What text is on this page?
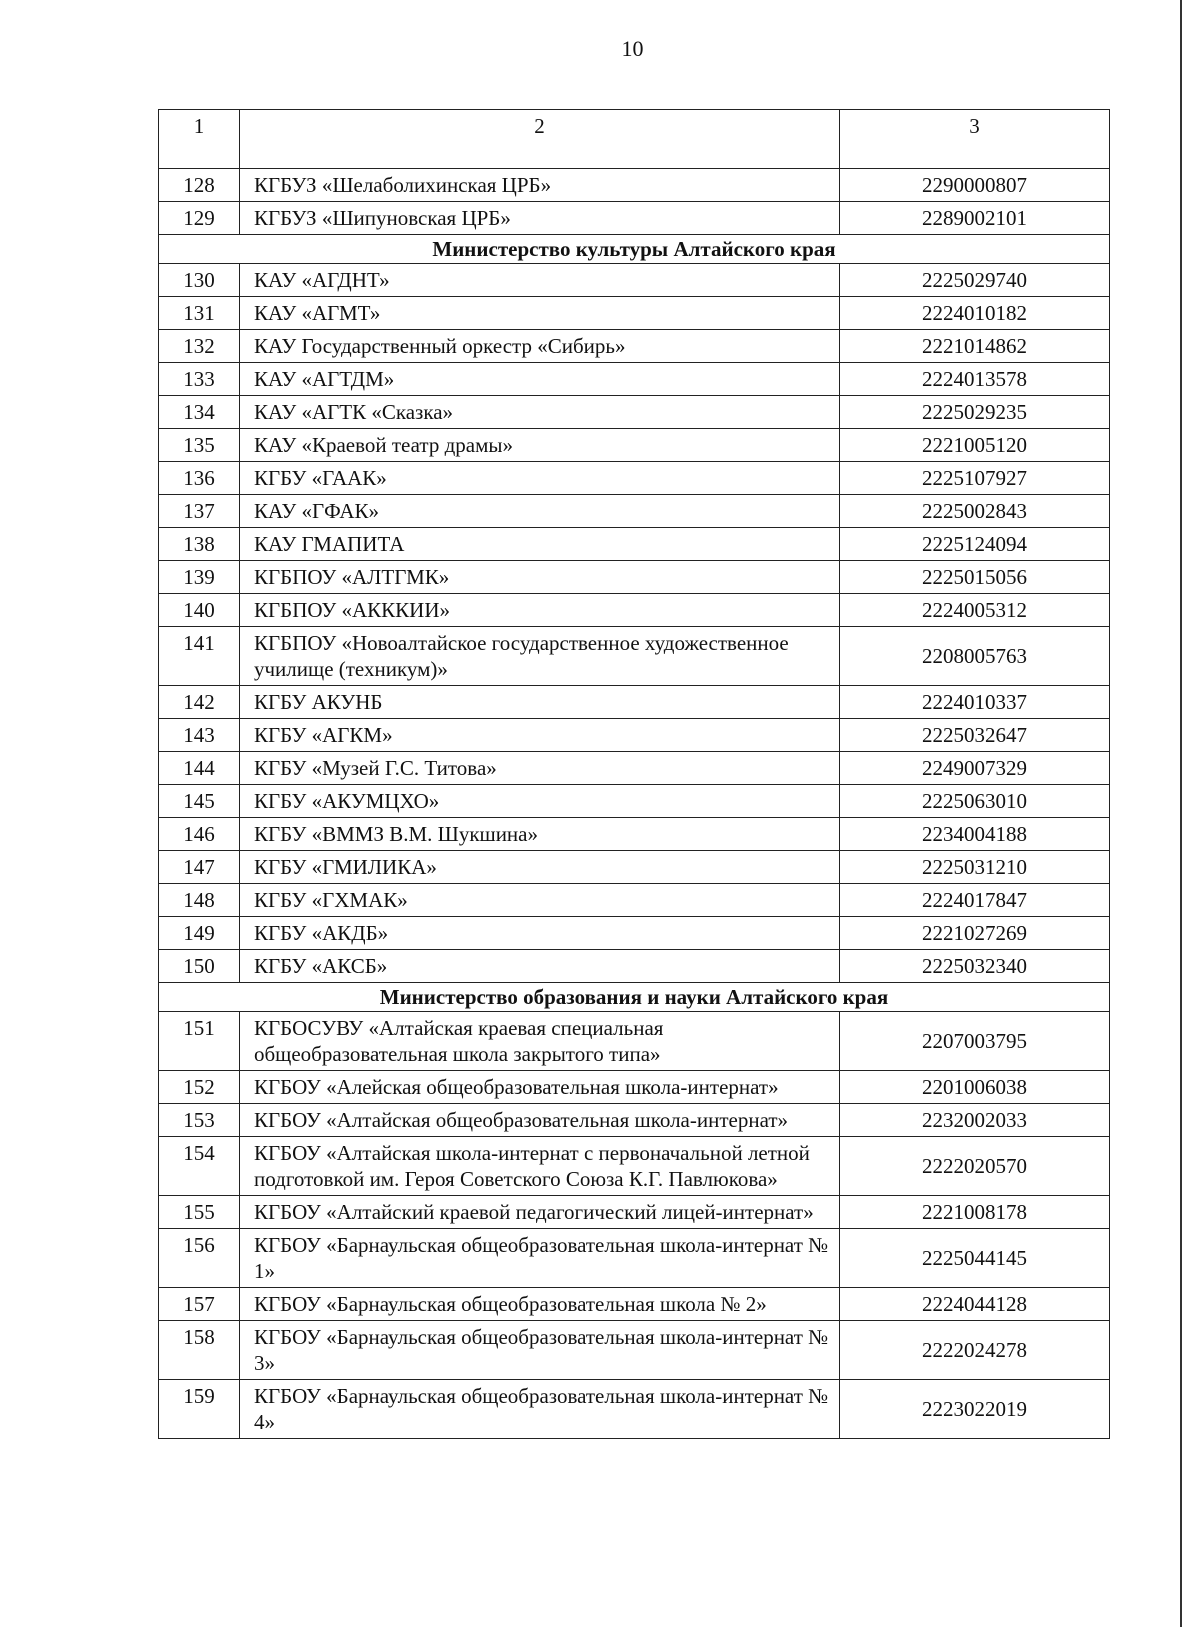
10
1	2	3
128	КГБУЗ «Шелаболихинская ЦРБ»	2290000807
129	КГБУЗ «Шипуновская ЦРБ»	2289002101
Министерство культуры Алтайского края		
130	КАУ «АГДНТ»	2225029740
131	КАУ «АГМТ»	2224010182
132	КАУ Государственный оркестр «Сибирь»	2221014862
133	КАУ «АГТДМ»	2224013578
134	КАУ «АГТК «Сказка»	2225029235
135	КАУ «Краевой театр драмы»	2221005120
136	КГБУ «ГААК»	2225107927
137	КАУ «ГФАК»	2225002843
138	КАУ ГМАПИТА	2225124094
139	КГБПОУ «АЛТГМК»	2225015056
140	КГБПОУ «АКККИИ»	2224005312
141	КГБПОУ «Новоалтайское государственное художественное училище (техникум)»	2208005763
142	КГБУ АКУНБ	2224010337
143	КГБУ «АГКМ»	2225032647
144	КГБУ «Музей Г.С. Титова»	2249007329
145	КГБУ «АКУМЦХО»	2225063010
146	КГБУ «ВММЗ В.М. Шукшина»	2234004188
147	КГБУ «ГМИЛИКА»	2225031210
148	КГБУ «ГХМАК»	2224017847
149	КГБУ «АКДБ»	2221027269
150	КГБУ «АКСБ»	2225032340
Министерство образования и науки Алтайского края		
151	КГБОСУВУ «Алтайская краевая специальная общеобразовательная школа закрытого типа»	2207003795
152	КГБОУ «Алейская общеобразовательная школа-интернат»	2201006038
153	КГБОУ «Алтайская общеобразовательная школа-интернат»	2232002033
154	КГБОУ «Алтайская школа-интернат с первоначальной летной подготовкой им. Героя Советского Союза К.Г. Павлюкова»	2222020570
155	КГБОУ «Алтайский краевой педагогический лицей-интернат»	2221008178
156	КГБОУ «Барнаульская общеобразовательная школа-интернат № 1»	2225044145
157	КГБОУ «Барнаульская общеобразовательная школа № 2»	2224044128
158	КГБОУ «Барнаульская общеобразовательная школа-интернат № 3»	2222024278
159	КГБОУ «Барнаульская общеобразовательная школа-интернат № 4»	2223022019
